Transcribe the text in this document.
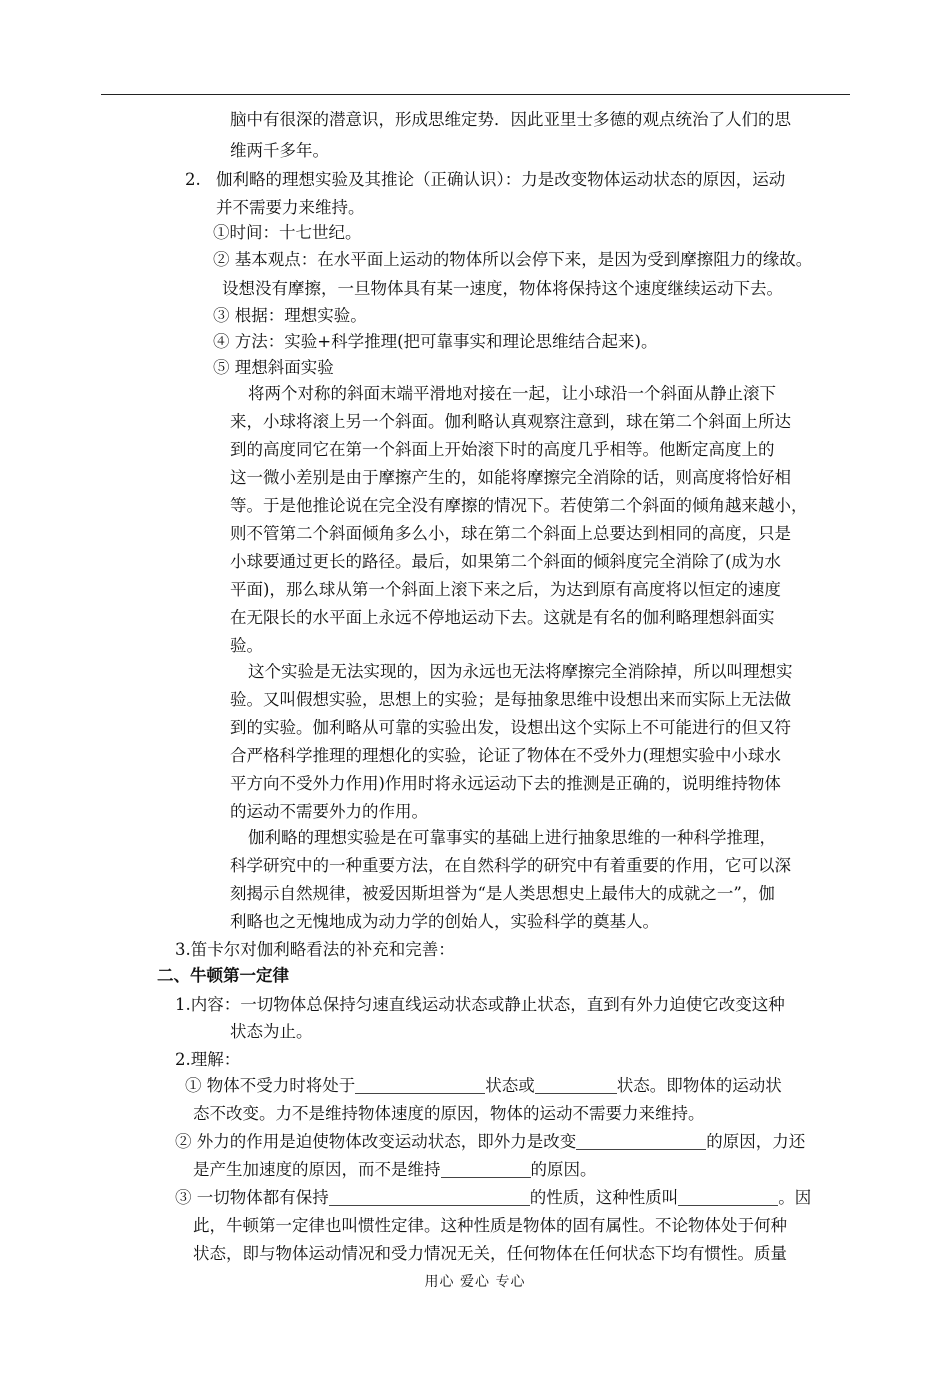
脑中有很深的潜意识，形成思维定势．因此亚里士多德的观点统治了人们的思
维两千多年。
2. 伽利略的理想实验及其推论（正确认识）：力是改变物体运动状态的原因，运动
并不需要力来维持。
①时间：十七世纪。
② 基本观点：在水平面上运动的物体所以会停下来，是因为受到摩擦阻力的缘故。
设想没有摩擦，一旦物体具有某一速度，物体将保持这个速度继续运动下去。
③ 根据：理想实验。
④ 方法：实验+科学推理(把可靠事实和理论思维结合起来)。
⑤ 理想斜面实验
将两个对称的斜面末端平滑地对接在一起，让小球沿一个斜面从静止滚下
来，小球将滚上另一个斜面。伽利略认真观察注意到，球在第二个斜面上所达
到的高度同它在第一个斜面上开始滚下时的高度几乎相等。他断定高度上的
这一微小差别是由于摩擦产生的，如能将摩擦完全消除的话，则高度将恰好相
等。于是他推论说在完全没有摩擦的情况下。若使第二个斜面的倾角越来越小，
则不管第二个斜面倾角多么小，球在第二个斜面上总要达到相同的高度，只是
小球要通过更长的路径。最后，如果第二个斜面的倾斜度完全消除了(成为水
平面)，那么球从第一个斜面上滚下来之后，为达到原有高度将以恒定的速度
在无限长的水平面上永远不停地运动下去。这就是有名的伽利略理想斜面实
验。
这个实验是无法实现的，因为永远也无法将摩擦完全消除掉，所以叫理想实
验。又叫假想实验，思想上的实验；是每抽象思维中设想出来而实际上无法做
到的实验。伽利略从可靠的实验出发，设想出这个实际上不可能进行的但又符
合严格科学推理的理想化的实验，论证了物体在不受外力(理想实验中小球水
平方向不受外力作用)作用时将永远运动下去的推测是正确的，说明维持物体
的运动不需要外力的作用。
伽利略的理想实验是在可靠事实的基础上进行抽象思维的一种科学推理，
科学研究中的一种重要方法，在自然科学的研究中有着重要的作用，它可以深
刻揭示自然规律，被爱因斯坦誉为“是人类思想史上最伟大的成就之一”，伽
利略也之无愧地成为动力学的创始人，实验科学的奠基人。
3.笛卡尔对伽利略看法的补充和完善：
二、牛顿第一定律
1.内容：一切物体总保持匀速直线运动状态或静止状态，直到有外力迫使它改变这种
状态为止。
2.理解：
① 物体不受力时将处于	状态或	状态。即物体的运动状
态不改变。力不是维持物体速度的原因，物体的运动不需要力来维持。
② 外力的作用是迫使物体改变运动状态，即外力是改变	的原因，力还
是产生加速度的原因，而不是维持	的原因。
③ 一切物体都有保持	的性质，这种性质叫	。因
此，牛顿第一定律也叫惯性定律。这种性质是物体的固有属性。不论物体处于何种
状态，即与物体运动情况和受力情况无关，任何物体在任何状态下均有惯性。质量
用心 爱心 专心
